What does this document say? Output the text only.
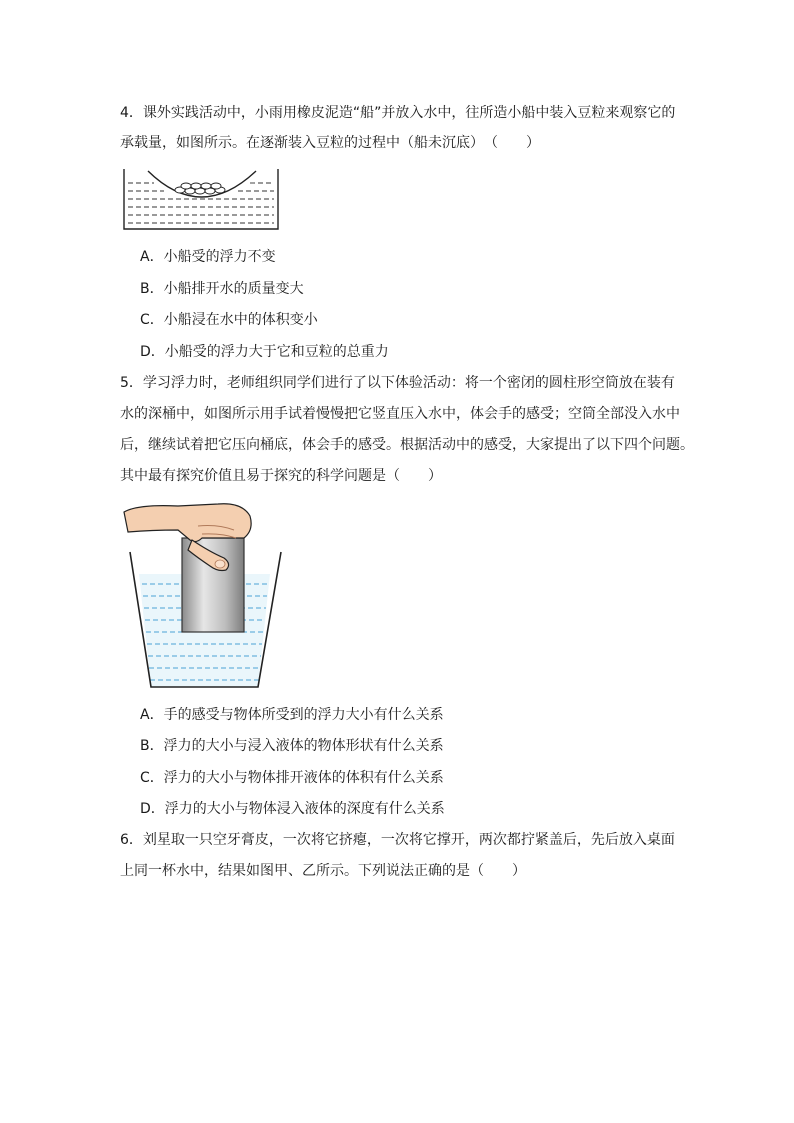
4．课外实践活动中，小雨用橡皮泥造“船”并放入水中，往所造小船中装入豆粒来观察它的
承载量，如图所示。在逐渐装入豆粒的过程中（船未沉底）　（　　）
A．小船受的浮力不变
B．小船排开水的质量变大
C．小船浸在水中的体积变小
D．小船受的浮力大于它和豆粒的总重力
5．学习浮力时，老师组织同学们进行了以下体验活动：将一个密闭的圆柱形空筒放在装有
水的深桶中，如图所示用手试着慢慢把它竖直压入水中，体会手的感受；空筒全部没入水中
后，继续试着把它压向桶底，体会手的感受。根据活动中的感受，大家提出了以下四个问题。
其中最有探究价值且易于探究的科学问题是（　　）
A．手的感受与物体所受到的浮力大小有什么关系
B．浮力的大小与浸入液体的物体形状有什么关系
C．浮力的大小与物体排开液体的体积有什么关系
D．浮力的大小与物体浸入液体的深度有什么关系
6．刘星取一只空牙膏皮，一次将它挤瘪，一次将它撑开，两次都拧紧盖后，先后放入桌面
上同一杯水中，结果如图甲、乙所示。下列说法正确的是（　　）
